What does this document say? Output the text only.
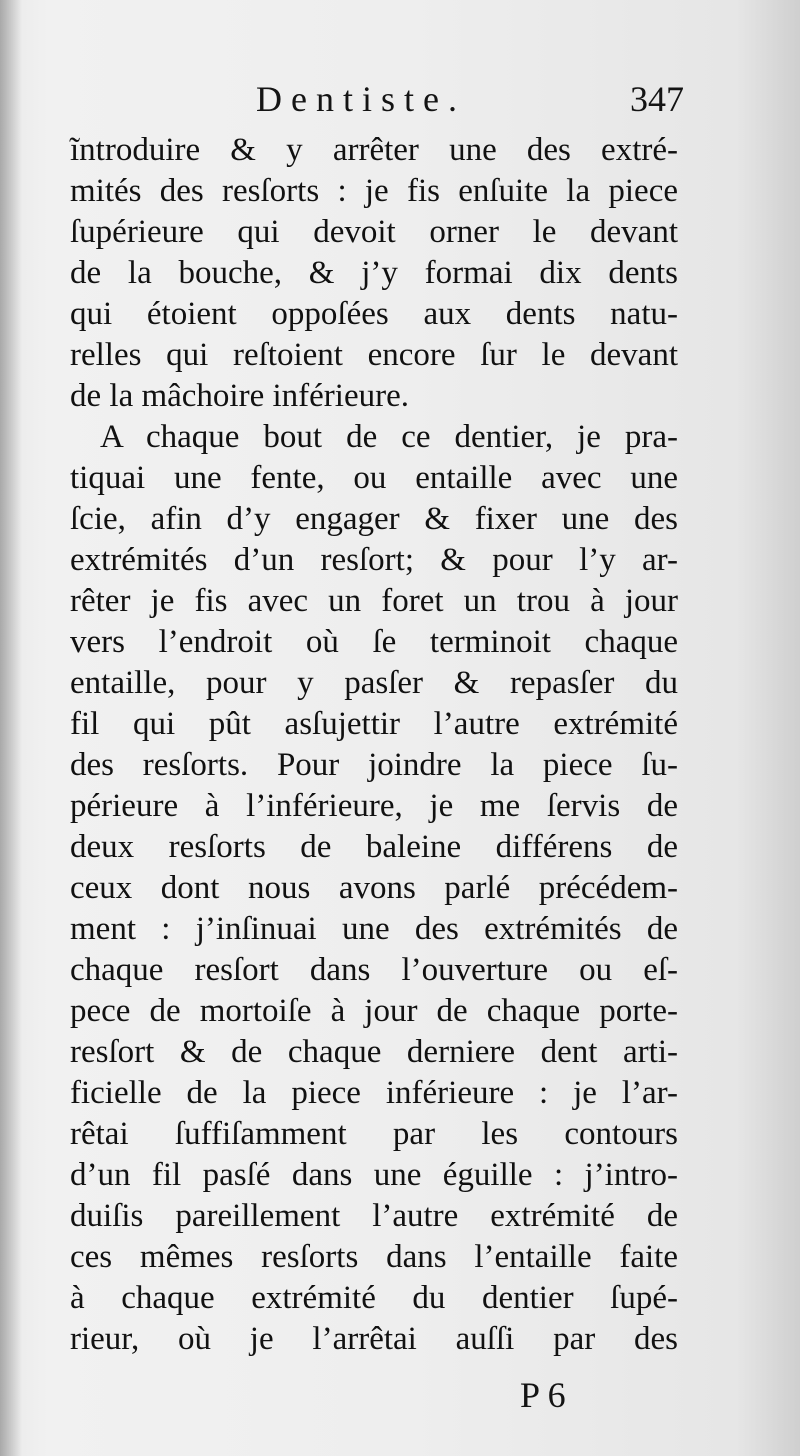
Dentiste.	347
ĩntroduire & y arrêter une des extré-
mités des resſorts : je fis enſuite la piece
ſupérieure qui devoit orner le devant
de la bouche, & j’y formai dix dents
qui étoient oppoſées aux dents natu-
relles qui reſtoient encore ſur le devant
de la mâchoire inférieure.
A chaque bout de ce dentier, je pra-
tiquai une fente, ou entaille avec une
ſcie, afin d’y engager & fixer une des
extrémités d’un resſort; & pour l’y ar-
rêter je fis avec un foret un trou à jour
vers l’endroit où ſe terminoit chaque
entaille, pour y pasſer & repasſer du
fil qui pût asſujettir l’autre extrémité
des resſorts. Pour joindre la piece ſu-
périeure à l’inférieure, je me ſervis de
deux resſorts de baleine différens de
ceux dont nous avons parlé précédem-
ment : j’inſinuai une des extrémités de
chaque resſort dans l’ouverture ou eſ-
pece de mortoiſe à jour de chaque porte-
resſort & de chaque derniere dent arti-
ficielle de la piece inférieure : je l’ar-
rêtai ſuffiſamment par les contours
d’un fil pasſé dans une éguille : j’intro-
duiſis pareillement l’autre extrémité de
ces mêmes resſorts dans l’entaille faite
à chaque extrémité du dentier ſupé-
rieur, où je l’arrêtai auſſi par des
P 6
